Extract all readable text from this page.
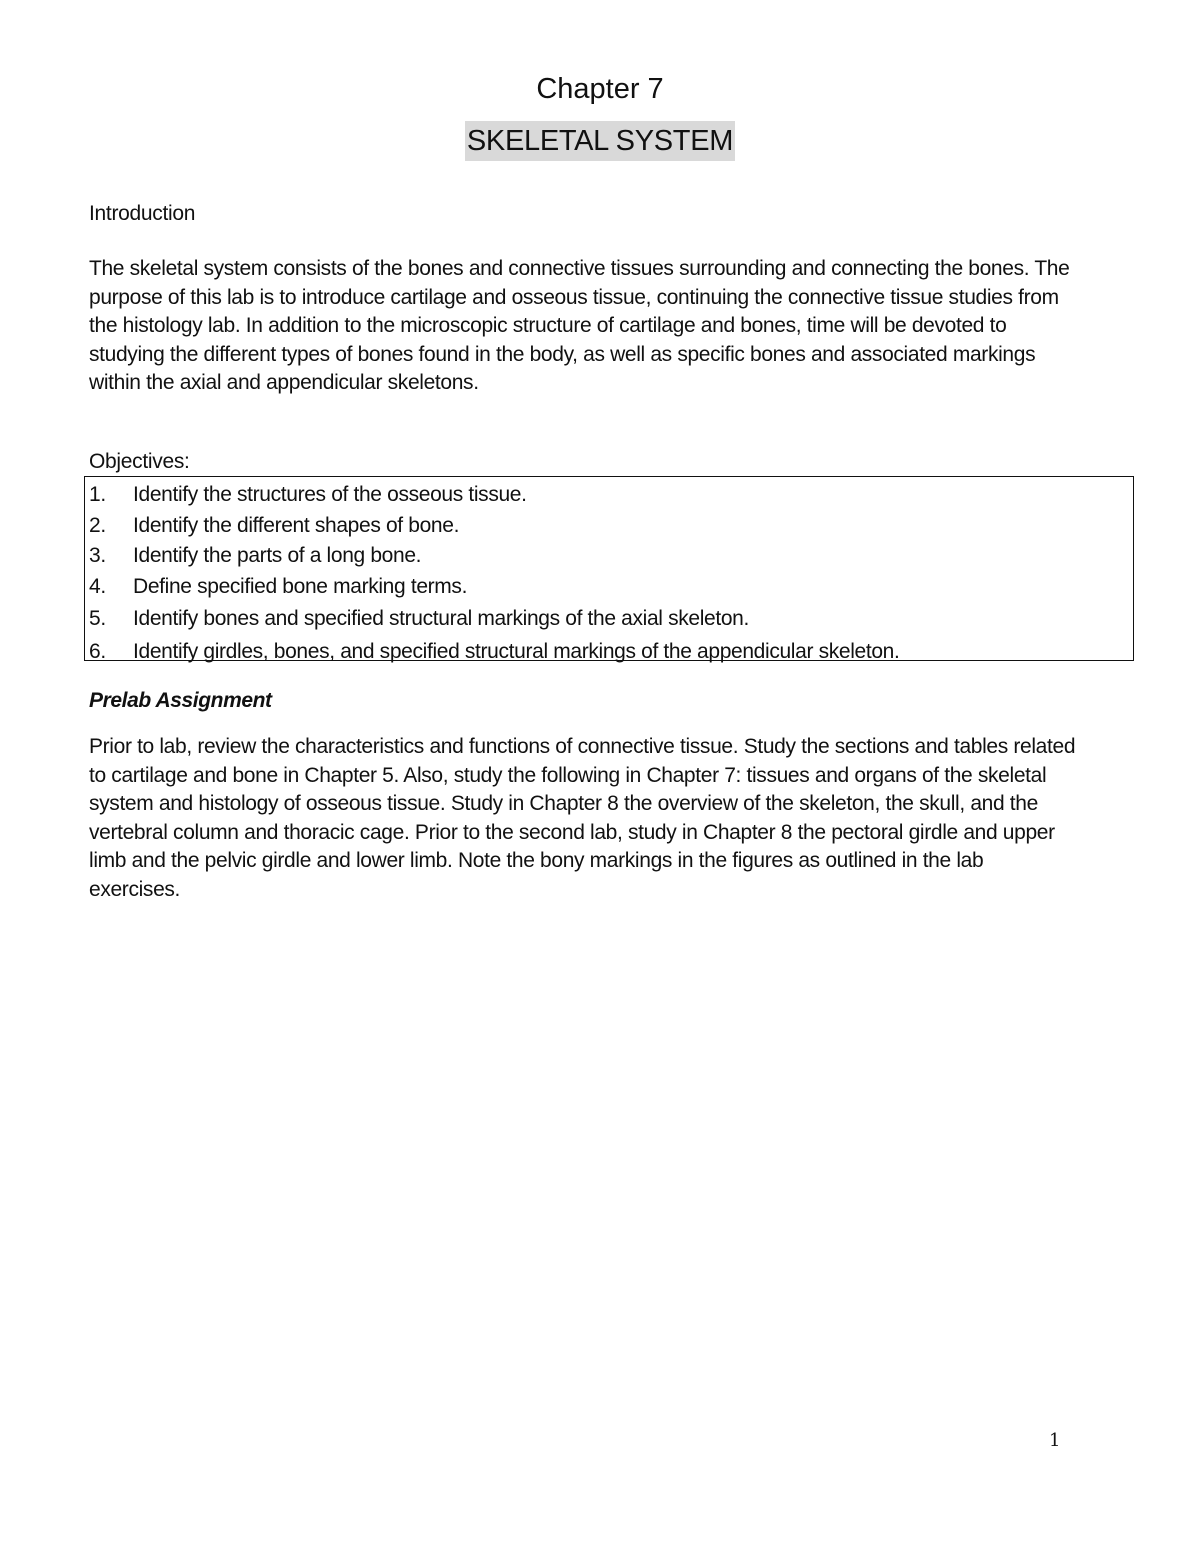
Chapter 7
SKELETAL SYSTEM
Introduction

The skeletal system consists of the bones and connective tissues surrounding and connecting the bones. The purpose of this lab is to introduce cartilage and osseous tissue, continuing the connective tissue studies from the histology lab. In addition to the microscopic structure of cartilage and bones, time will be devoted to studying the different types of bones found in the body, as well as specific bones and associated markings within the axial and appendicular skeletons.

Objectives:
1.	Identify the structures of the osseous tissue.
2.	Identify the different shapes of bone.
3.	Identify the parts of a long bone.
4.	Define specified bone marking terms.
5.	Identify bones and specified structural markings of the axial skeleton.
6.	Identify girdles, bones, and specified structural markings of the appendicular skeleton.
Prelab Assignment

Prior to lab, review the characteristics and functions of connective tissue. Study the sections and tables related to cartilage and bone in Chapter 5. Also, study the following in Chapter 7: tissues and organs of the skeletal system and histology of osseous tissue. Study in Chapter 8 the overview of the skeleton, the skull, and the vertebral column and thoracic cage. Prior to the second lab, study in Chapter 8 the pectoral girdle and upper limb and the pelvic girdle and lower limb. Note the bony markings in the figures as outlined in the lab exercises.

1
